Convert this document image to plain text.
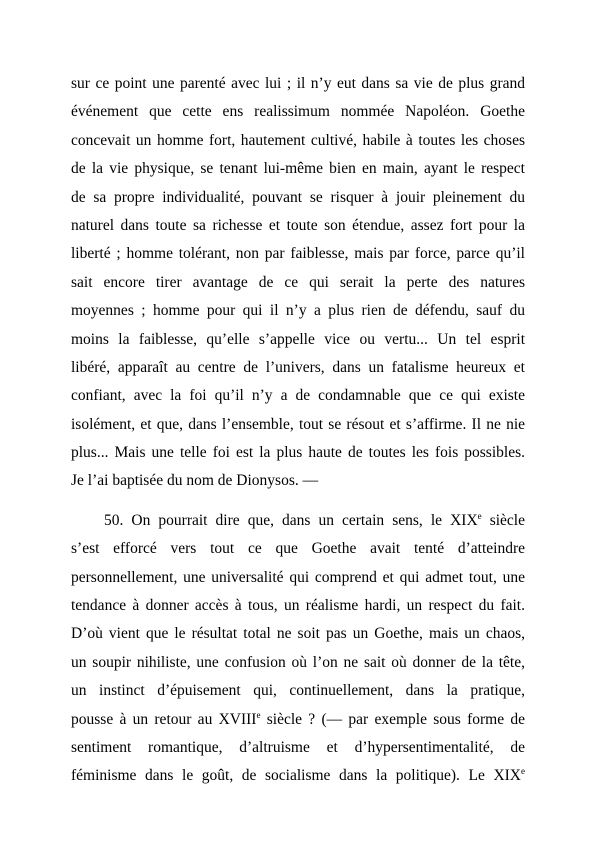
sur ce point une parenté avec lui ; il n’y eut dans sa vie de plus grand
événement que cette ens realissimum nommée Napoléon. Goethe
concevait un homme fort, hautement cultivé, habile à toutes les choses
de la vie physique, se tenant lui-même bien en main, ayant le respect
de sa propre individualité, pouvant se risquer à jouir pleinement du
naturel dans toute sa richesse et toute son étendue, assez fort pour la
liberté ; homme tolérant, non par faiblesse, mais par force, parce qu’il
sait encore tirer avantage de ce qui serait la perte des natures
moyennes ; homme pour qui il n’y a plus rien de défendu, sauf du
moins la faiblesse, qu’elle s’appelle vice ou vertu... Un tel esprit
libéré, apparaît au centre de l’univers, dans un fatalisme heureux et
confiant, avec la foi qu’il n’y a de condamnable que ce qui existe
isolément, et que, dans l’ensemble, tout se résout et s’affirme. Il ne nie
plus... Mais une telle foi est la plus haute de toutes les fois possibles.
Je l’ai baptisée du nom de Dionysos. —
50. On pourrait dire que, dans un certain sens, le XIXe siècle
s’est efforcé vers tout ce que Goethe avait tenté d’atteindre
personnellement, une universalité qui comprend et qui admet tout, une
tendance à donner accès à tous, un réalisme hardi, un respect du fait.
D’où vient que le résultat total ne soit pas un Goethe, mais un chaos,
un soupir nihiliste, une confusion où l’on ne sait où donner de la tête,
un instinct d’épuisement qui, continuellement, dans la pratique,
pousse à un retour au XVIIIe siècle ? (— par exemple sous forme de
sentiment romantique, d’altruisme et d’hypersentimentalité, de
féminisme dans le goût, de socialisme dans la politique). Le XIXe
